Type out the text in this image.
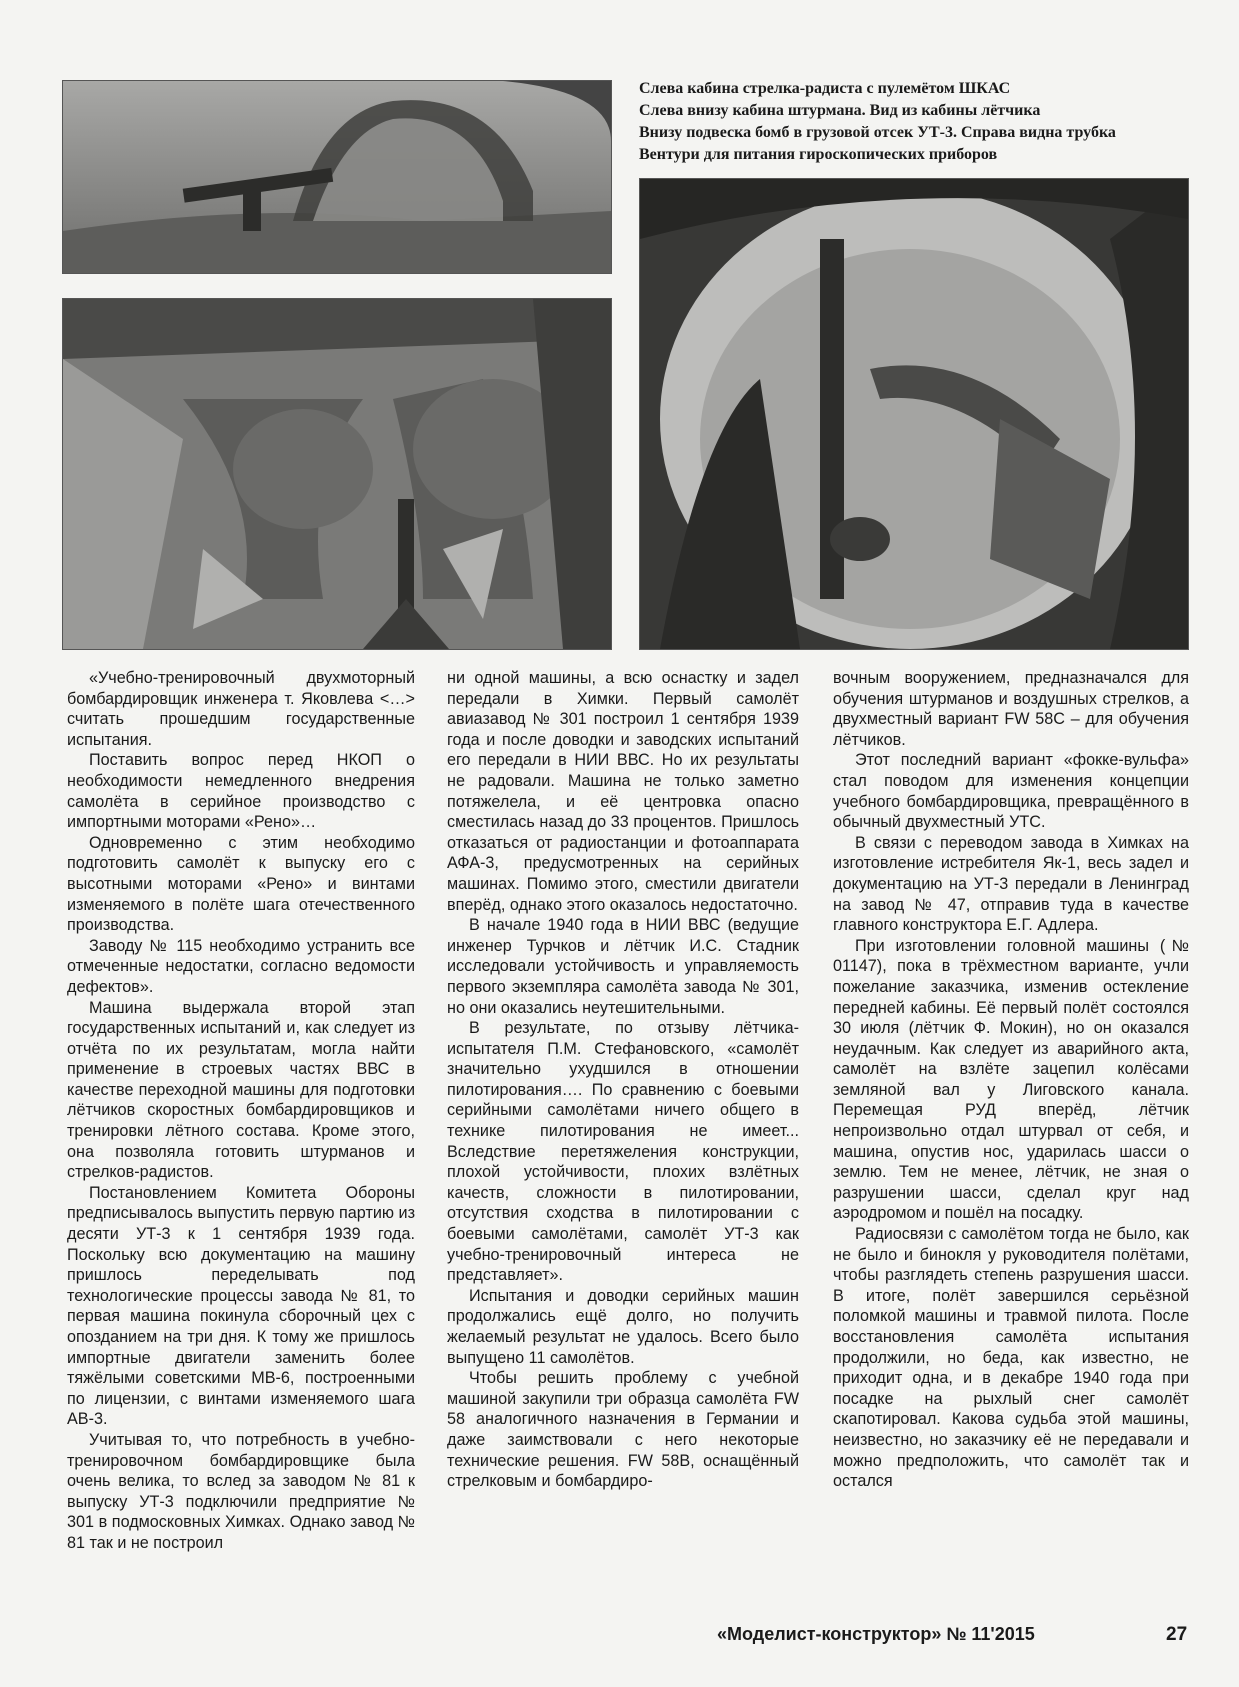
Слева кабина стрелка-радиста с пулемётом ШКАС

Слева внизу кабина штурмана. Вид из кабины лётчика

Внизу подвеска бомб в грузовой отсек УТ-3. Справа видна трубка

Вентури для питания гироскопических приборов

«Учебно-тренировочный двухмоторный бомбардировщик инженера т. Яковлева <…> считать прошедшим государственные испытания.

Поставить вопрос перед НКОП о необходимости немедленного внедрения самолёта в серийное производство с импортными моторами «Рено»…

Одновременно с этим необходимо подготовить самолёт к выпуску его с высотными моторами «Рено» и винтами изменяемого в полёте шага отечественного производства.

Заводу № 115 необходимо устранить все отмеченные недостатки, согласно ведомости дефектов».

Машина выдержала второй этап государственных испытаний и, как следует из отчёта по их результатам, могла найти применение в строевых частях ВВС в качестве переходной машины для подготовки лётчиков скоростных бомбардировщиков и тренировки лётного состава. Кроме этого, она позволяла готовить штурманов и стрелков-радистов.

Постановлением Комитета Обороны предписывалось выпустить первую партию из десяти УТ-3 к 1 сентября 1939 года. Поскольку всю документацию на машину пришлось переделывать под технологические процессы завода № 81, то первая машина покинула сборочный цех с опозданием на три дня. К тому же пришлось импортные двигатели заменить более тяжёлыми советскими МВ-6, построенными по лицензии, с винтами изменяемого шага АВ-3.

Учитывая то, что потребность в учебно-тренировочном бомбардировщике была очень велика, то вслед за заводом № 81 к выпуску УТ-3 подключили предприятие № 301 в подмосковных Химках. Однако завод № 81 так и не построил

ни одной машины, а всю оснастку и задел передали в Химки. Первый самолёт авиазавод № 301 построил 1 сентября 1939 года и после доводки и заводских испытаний его передали в НИИ ВВС. Но их результаты не радовали. Машина не только заметно потяжелела, и её центровка опасно сместилась назад до 33 процентов. Пришлось отказаться от радиостанции и фотоаппарата АФА-3, предусмотренных на серийных машинах. Помимо этого, сместили двигатели вперёд, однако этого оказалось недостаточно.

В начале 1940 года в НИИ ВВС (ведущие инженер Турчков и лётчик И.С. Стадник исследовали устойчивость и управляемость первого экземпляра самолёта завода № 301, но они оказались неутешительными.

В результате, по отзыву лётчика-испытателя П.М. Стефановского, «самолёт значительно ухудшился в отношении пилотирования…. По сравнению с боевыми серийными самолётами ничего общего в технике пилотирования не имеет... Вследствие перетяжеления конструкции, плохой устойчивости, плохих взлётных качеств, сложности в пилотировании, отсутствия сходства в пилотировании с боевыми самолётами, самолёт УТ-3 как учебно-тренировочный интереса не представляет».

Испытания и доводки серийных машин продолжались ещё долго, но получить желаемый результат не удалось. Всего было выпущено 11 самолётов.

Чтобы решить проблему с учебной машиной закупили три образца самолёта FW 58 аналогичного назначения в Германии и даже заимствовали с него некоторые технические решения. FW 58B, оснащённый стрелковым и бомбардиро-

вочным вооружением, предназначался для обучения штурманов и воздушных стрелков, а двухместный вариант FW 58C – для обучения лётчиков.

Этот последний вариант «фокке-вульфа» стал поводом для изменения концепции учебного бомбардировщика, превращённого в обычный двухместный УТС.

В связи с переводом завода в Химках на изготовление истребителя Як-1, весь задел и документацию на УТ-3 передали в Ленинград на завод № 47, отправив туда в качестве главного конструктора Е.Г. Адлера.

При изготовлении головной машины (№ 01147), пока в трёхместном варианте, учли пожелание заказчика, изменив остекление передней кабины. Её первый полёт состоялся 30 июля (лётчик Ф. Мокин), но он оказался неудачным. Как следует из аварийного акта, самолёт на взлёте зацепил колёсами земляной вал у Лиговского канала. Перемещая РУД вперёд, лётчик непроизвольно отдал штурвал от себя, и машина, опустив нос, ударилась шасси о землю. Тем не менее, лётчик, не зная о разрушении шасси, сделал круг над аэродромом и пошёл на посадку.

Радиосвязи с самолётом тогда не было, как не было и бинокля у руководителя полётами, чтобы разглядеть степень разрушения шасси. В итоге, полёт завершился серьёзной поломкой машины и травмой пилота. После восстановления самолёта испытания продолжили, но беда, как известно, не приходит одна, и в декабре 1940 года при посадке на рыхлый снег самолёт скапотировал. Какова судьба этой машины, неизвестно, но заказчику её не передавали и можно предположить, что самолёт так и остался

«Моделист-конструктор» № 11'2015	27
